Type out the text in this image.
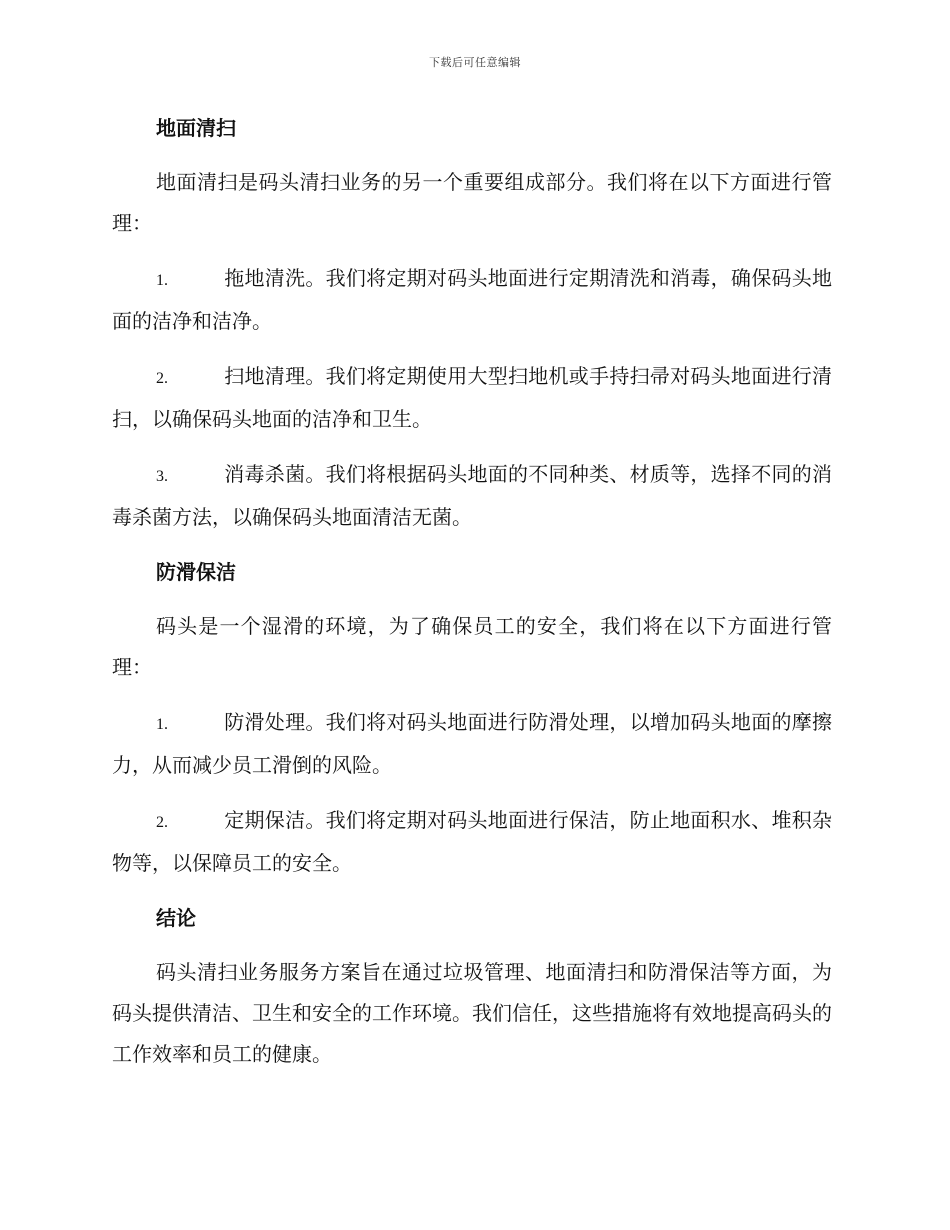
下载后可任意编辑
地面清扫

地面清扫是码头清扫业务的另一个重要组成部分。我们将在以下方面进行管理：

1.	拖地清洗。我们将定期对码头地面进行定期清洗和消毒，确保码头地面的洁净和洁净。

2.	扫地清理。我们将定期使用大型扫地机或手持扫帚对码头地面进行清扫，以确保码头地面的洁净和卫生。

3.	消毒杀菌。我们将根据码头地面的不同种类、材质等，选择不同的消毒杀菌方法，以确保码头地面清洁无菌。

防滑保洁

码头是一个湿滑的环境，为了确保员工的安全，我们将在以下方面进行管理：

1.	防滑处理。我们将对码头地面进行防滑处理，以增加码头地面的摩擦力，从而减少员工滑倒的风险。

2.	定期保洁。我们将定期对码头地面进行保洁，防止地面积水、堆积杂物等，以保障员工的安全。

结论

码头清扫业务服务方案旨在通过垃圾管理、地面清扫和防滑保洁等方面，为码头提供清洁、卫生和安全的工作环境。我们信任，这些措施将有效地提高码头的工作效率和员工的健康。
